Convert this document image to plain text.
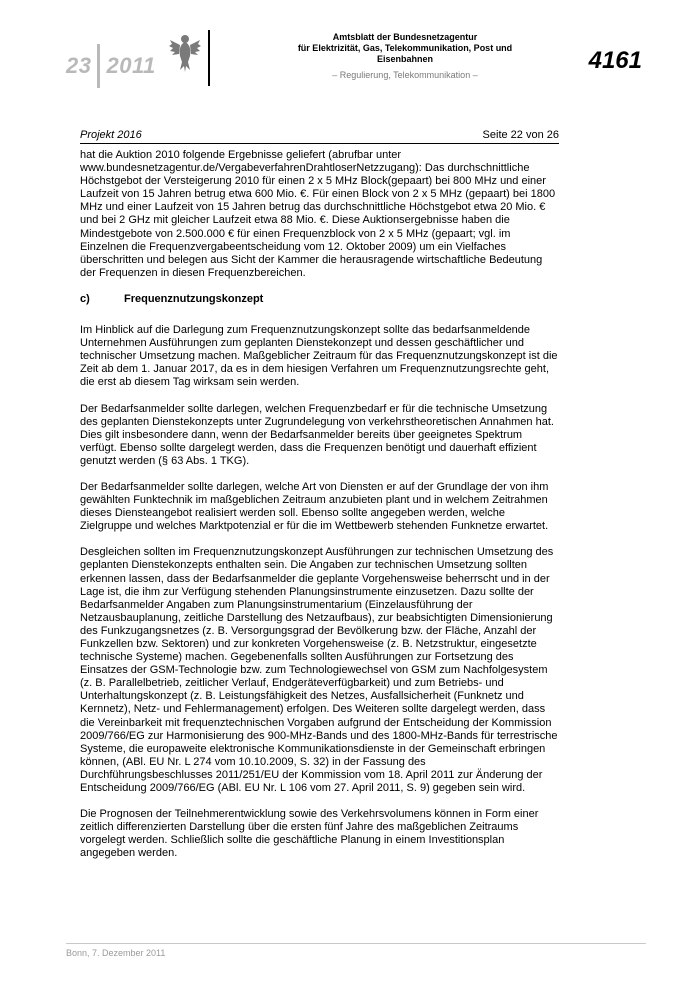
23 2011
Amtsblatt der Bundesnetzagentur
für Elektrizität, Gas, Telekommunikation, Post und Eisenbahnen
– Regulierung, Telekommunikation –
4161
Projekt 2016	Seite 22 von 26

hat die Auktion 2010 folgende Ergebnisse geliefert (abrufbar unter www.bundesnetzagentur.de/VergabeverfahrenDrahtloserNetzzugang): Das durchschnittliche Höchstgebot der Versteigerung 2010 für einen 2 x 5 MHz Block(gepaart) bei 800 MHz und einer Laufzeit von 15 Jahren betrug etwa 600 Mio. €. Für einen Block von 2 x 5 MHz (gepaart) bei 1800 MHz und einer Laufzeit von 15 Jahren betrug das durchschnittliche Höchstgebot etwa 20 Mio. € und bei 2 GHz mit gleicher Laufzeit etwa 88 Mio. €. Diese Auktionsergebnisse haben die Mindestgebote von 2.500.000 € für einen Frequenzblock von 2 x 5 MHz (gepaart; vgl. im Einzelnen die Frequenzvergabeentscheidung vom 12. Oktober 2009) um ein Vielfaches überschritten und belegen aus Sicht der Kammer die herausragende wirtschaftliche Bedeutung der Frequenzen in diesen Frequenzbereichen.

c)	Frequenznutzungskonzept

Im Hinblick auf die Darlegung zum Frequenznutzungskonzept sollte das bedarfsanmeldende Unternehmen Ausführungen zum geplanten Dienstekonzept und dessen geschäftlicher und technischer Umsetzung machen. Maßgeblicher Zeitraum für das Frequenznutzungskonzept ist die Zeit ab dem 1. Januar 2017, da es in dem hiesigen Verfahren um Frequenznutzungsrechte geht, die erst ab diesem Tag wirksam sein werden.

Der Bedarfsanmelder sollte darlegen, welchen Frequenzbedarf er für die technische Umsetzung des geplanten Dienstekonzepts unter Zugrundelegung von verkehrstheoretischen Annahmen hat. Dies gilt insbesondere dann, wenn der Bedarfsanmelder bereits über geeignetes Spektrum verfügt. Ebenso sollte dargelegt werden, dass die Frequenzen benötigt und dauerhaft effizient genutzt werden (§ 63 Abs. 1 TKG).

Der Bedarfsanmelder sollte darlegen, welche Art von Diensten er auf der Grundlage der von ihm gewählten Funktechnik im maßgeblichen Zeitraum anzubieten plant und in welchem Zeitrahmen dieses Diensteangebot realisiert werden soll. Ebenso sollte angegeben werden, welche Zielgruppe und welches Marktpotenzial er für die im Wettbewerb stehenden Funknetze erwartet.

Desgleichen sollten im Frequenznutzungskonzept Ausführungen zur technischen Umsetzung des geplanten Dienstekonzepts enthalten sein. Die Angaben zur technischen Umsetzung sollten erkennen lassen, dass der Bedarfsanmelder die geplante Vorgehensweise beherrscht und in der Lage ist, die ihm zur Verfügung stehenden Planungsinstrumente einzusetzen. Dazu sollte der Bedarfsanmelder Angaben zum Planungsinstrumentarium (Einzelausführung der Netzausbauplanung, zeitliche Darstellung des Netzaufbaus), zur beabsichtigten Dimensionierung des Funkzugangsnetzes (z. B. Versorgungsgrad der Bevölkerung bzw. der Fläche, Anzahl der Funkzellen bzw. Sektoren) und zur konkreten Vorgehensweise (z. B. Netzstruktur, eingesetzte technische Systeme) machen. Gegebenenfalls sollten Ausführungen zur Fortsetzung des Einsatzes der GSM-Technologie bzw. zum Technologiewechsel von GSM zum Nachfolgesystem (z. B. Parallelbetrieb, zeitlicher Verlauf, Endgeräteverfügbarkeit) und zum Betriebs- und Unterhaltungskonzept (z. B. Leistungsfähigkeit des Netzes, Ausfallsicherheit (Funknetz und Kernnetz), Netz- und Fehlermanagement) erfolgen. Des Weiteren sollte dargelegt werden, dass die Vereinbarkeit mit frequenztechnischen Vorgaben aufgrund der Entscheidung der Kommission 2009/766/EG zur Harmonisierung des 900-MHz-Bands und des 1800-MHz-Bands für terrestrische Systeme, die europaweite elektronische Kommunikationsdienste in der Gemeinschaft erbringen können, (ABl. EU Nr. L 274 vom 10.10.2009, S. 32) in der Fassung des Durchführungsbeschlusses 2011/251/EU der Kommission vom 18. April 2011 zur Änderung der Entscheidung 2009/766/EG (ABl. EU Nr. L 106 vom 27. April 2011, S. 9) gegeben sein wird.

Die Prognosen der Teilnehmerentwicklung sowie des Verkehrsvolumens können in Form einer zeitlich differenzierten Darstellung über die ersten fünf Jahre des maßgeblichen Zeitraums vorgelegt werden. Schließlich sollte die geschäftliche Planung in einem Investitionsplan angegeben werden.

Bonn, 7. Dezember 2011
